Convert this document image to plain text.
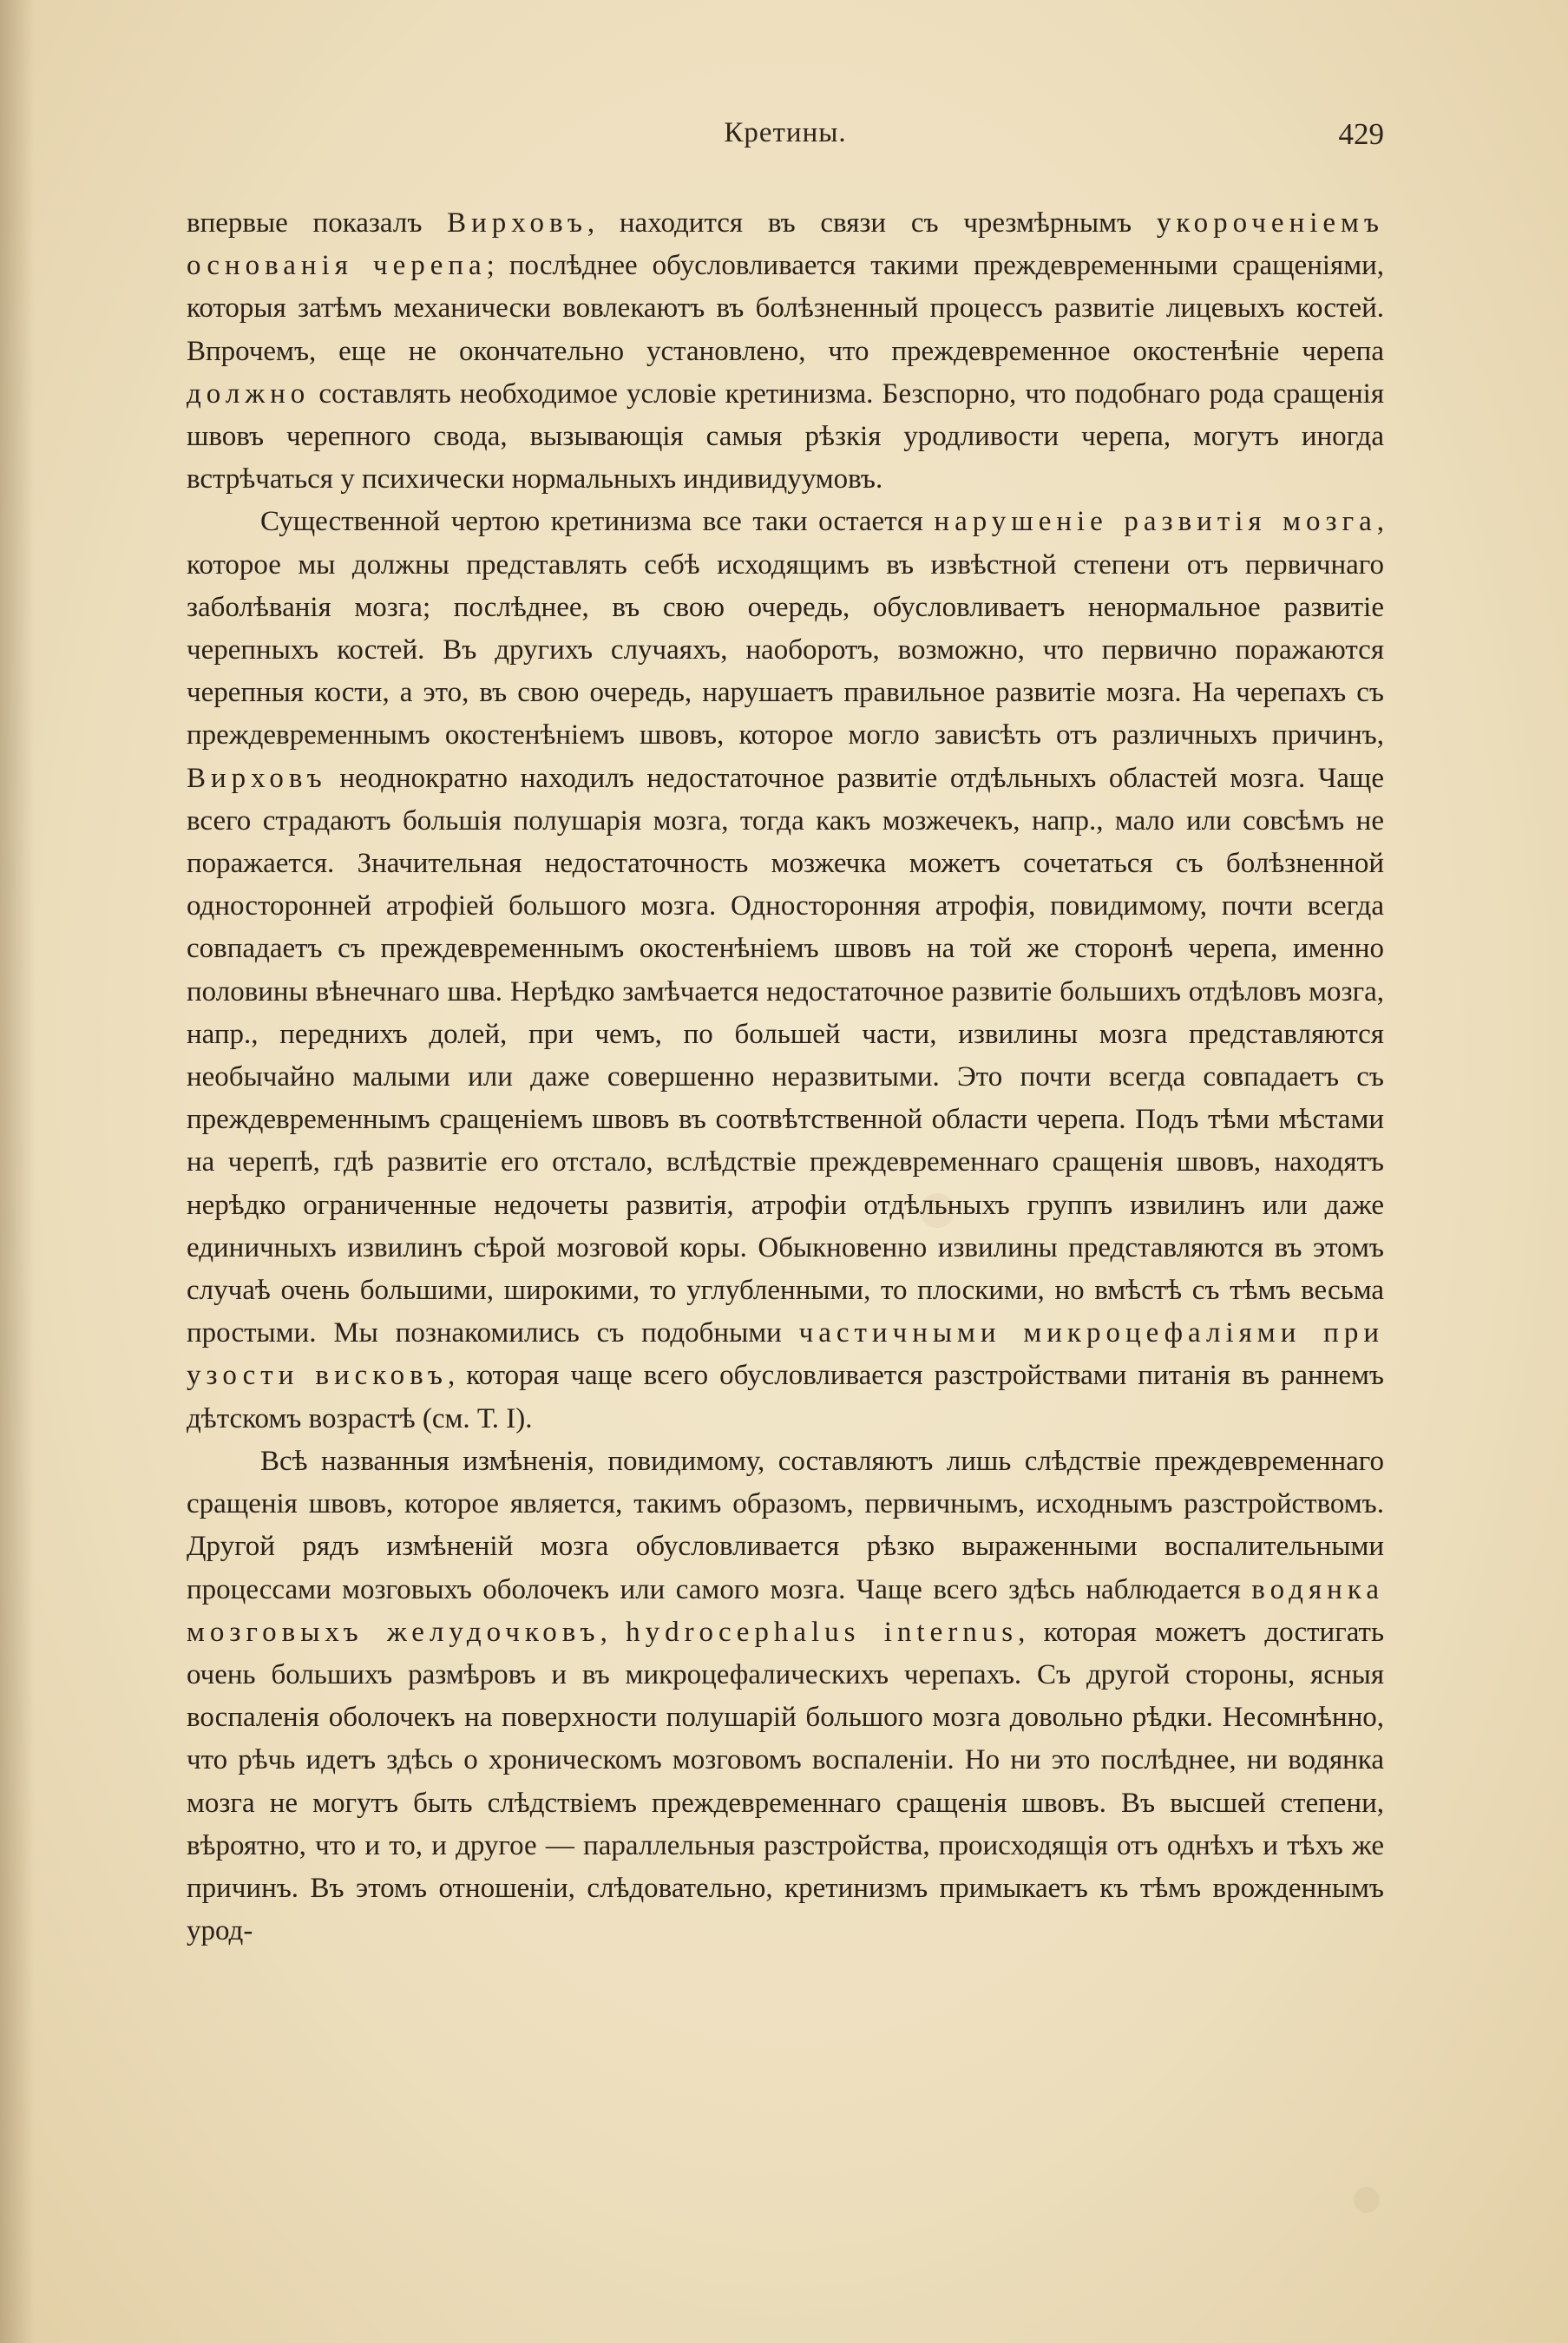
Кретины.	429

впервые показалъ Вирховъ, находится въ связи съ чрезмѣрнымъ укороченіемъ основанія черепа; послѣднее обусловливается такими преждевременными сращеніями, которыя затѣмъ механически вовлекаютъ въ болѣзненный процессъ развитіе лицевыхъ костей. Впрочемъ, еще не окончательно установлено, что преждевременное окостенѣніе черепа должно составлять необходимое условіе кретинизма. Безспорно, что подобнаго рода сращенія швовъ черепного свода, вызывающія самыя рѣзкія уродливости черепа, могутъ иногда встрѣчаться у психически нормальныхъ индивидуумовъ.

Существенной чертою кретинизма все таки остается нарушеніе развитія мозга, которое мы должны представлять себѣ исходящимъ въ извѣстной степени отъ первичнаго заболѣванія мозга; послѣднее, въ свою очередь, обусловливаетъ ненормальное развитіе черепныхъ костей. Въ другихъ случаяхъ, наоборотъ, возможно, что первично поражаются черепныя кости, а это, въ свою очередь, нарушаетъ правильное развитіе мозга. На черепахъ съ преждевременнымъ окостенѣніемъ швовъ, которое могло зависѣть отъ различныхъ причинъ, Вирховъ неоднократно находилъ недостаточное развитіе отдѣльныхъ областей мозга. Чаще всего страдаютъ большія полушарія мозга, тогда какъ мозжечекъ, напр., мало или совсѣмъ не поражается. Значительная недостаточность мозжечка можетъ сочетаться съ болѣзненной односторонней атрофіей большого мозга. Односторонняя атрофія, повидимому, почти всегда совпадаетъ съ преждевременнымъ окостенѣніемъ швовъ на той же сторонѣ черепа, именно половины вѣнечнаго шва. Нерѣдко замѣчается недостаточное развитіе большихъ отдѣловъ мозга, напр., переднихъ долей, при чемъ, по большей части, извилины мозга представляются необычайно малыми или даже совершенно неразвитыми. Это почти всегда совпадаетъ съ преждевременнымъ сращеніемъ швовъ въ соотвѣтственной области черепа. Подъ тѣми мѣстами на черепѣ, гдѣ развитіе его отстало, вслѣдствіе преждевременнаго сращенія швовъ, находятъ нерѣдко ограниченные недочеты развитія, атрофіи отдѣльныхъ группъ извилинъ или даже единичныхъ извилинъ сѣрой мозговой коры. Обыкновенно извилины представляются въ этомъ случаѣ очень большими, широкими, то углубленными, то плоскими, но вмѣстѣ съ тѣмъ весьма простыми. Мы познакомились съ подобными частичными микроцефаліями при узости висковъ, которая чаще всего обусловливается разстройствами питанія въ раннемъ дѣтскомъ возрастѣ (см. Т. I).

Всѣ названныя измѣненія, повидимому, составляютъ лишь слѣдствіе преждевременнаго сращенія швовъ, которое является, такимъ образомъ, первичнымъ, исходнымъ разстройствомъ. Другой рядъ измѣненій мозга обусловливается рѣзко выраженными воспалительными процессами мозговыхъ оболочекъ или самого мозга. Чаще всего здѣсь наблюдается водянка мозговыхъ желудочковъ, hydrocephalus internus, которая можетъ достигать очень большихъ размѣровъ и въ микроцефалическихъ черепахъ. Съ другой стороны, ясныя воспаленія оболочекъ на поверхности полушарій большого мозга довольно рѣдки. Несомнѣнно, что рѣчь идетъ здѣсь о хроническомъ мозговомъ воспаленіи. Но ни это послѣднее, ни водянка мозга не могутъ быть слѣдствіемъ преждевременнаго сращенія швовъ. Въ высшей степени, вѣроятно, что и то, и другое — параллельныя разстройства, происходящія отъ однѣхъ и тѣхъ же причинъ. Въ этомъ отношеніи, слѣдовательно, кретинизмъ примыкаетъ къ тѣмъ врожденнымъ урод-
